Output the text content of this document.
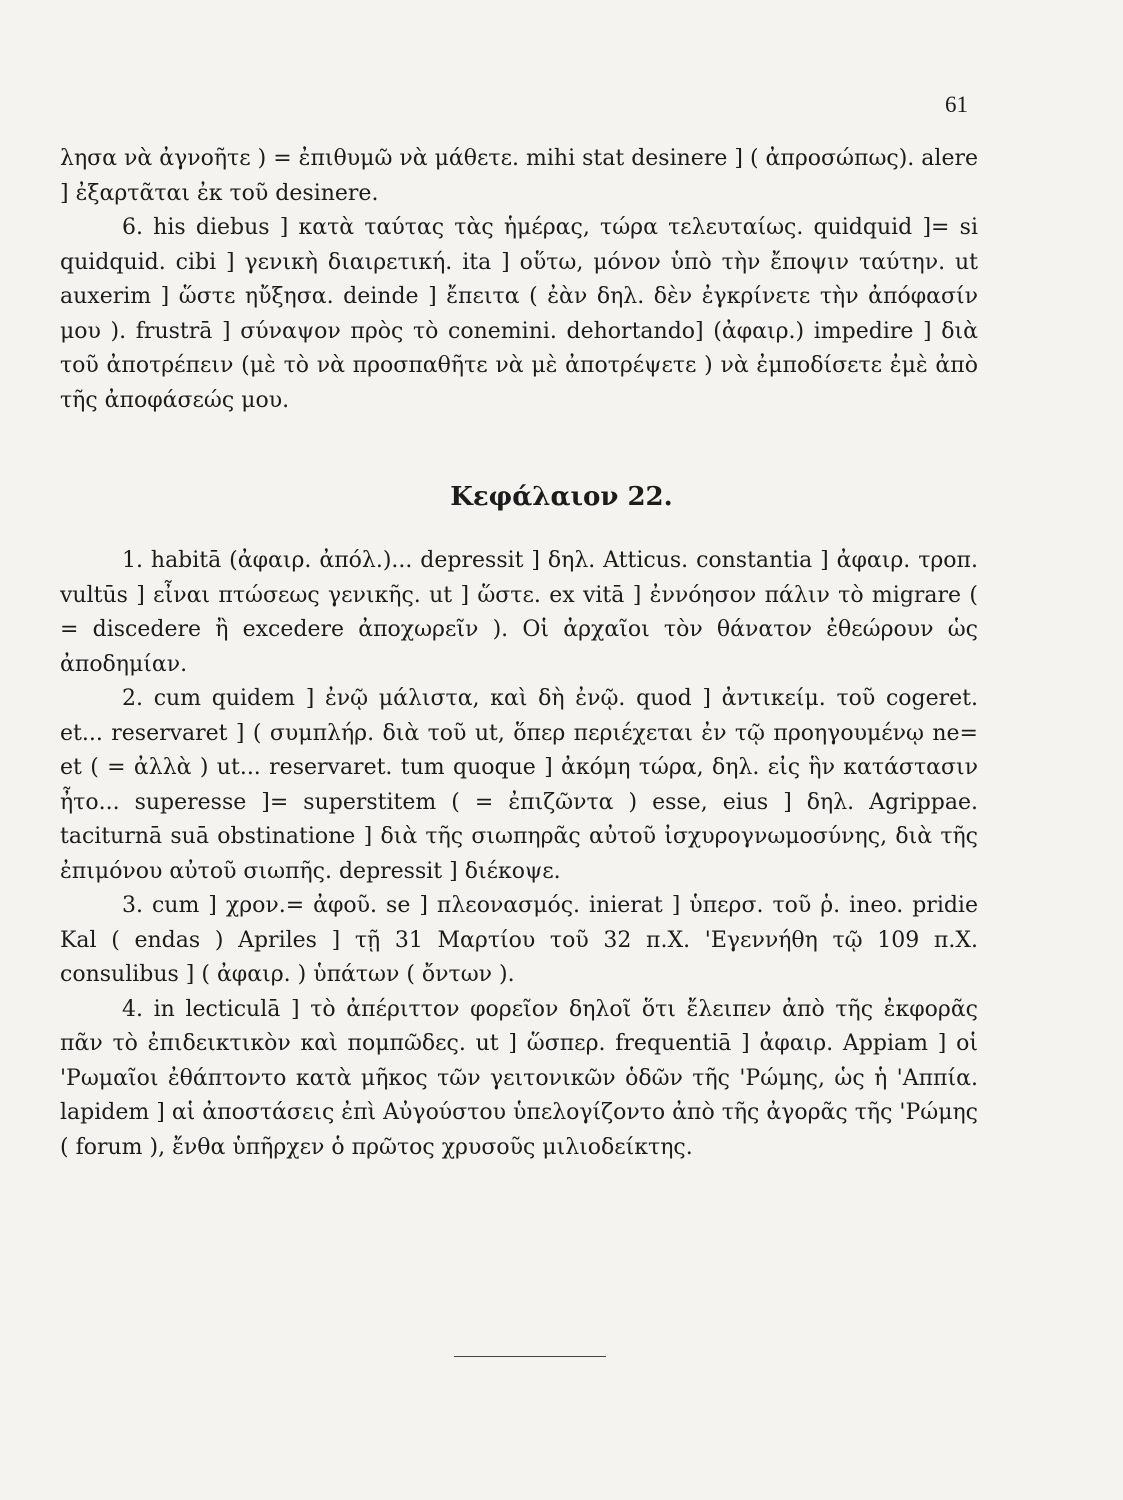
61

λησα νὰ ἀγνοῆτε ) = ἐπιθυμῶ νὰ μάθετε. mihi stat desinere ] ( ἀπροσώπως). alere ] ἐξαρτᾶται ἐκ τοῦ desinere.

6. his diebus ] κατὰ ταύτας τὰς ἡμέρας, τώρα τελευταίως. quidquid ]= si quidquid. cibi ] γενικὴ διαιρετική. ita ] οὕτω, μόνον ὑπὸ τὴν ἔποψιν ταύτην. ut auxerim ] ὥστε ηὔξησα. deinde ] ἔπειτα ( ἐὰν δηλ. δὲν ἐγκρίνετε τὴν ἀπόφασίν μου ). frustrā ] σύναψον πρὸς τὸ conemini. dehortando] (ἀφαιρ.) impedire ] διὰ τοῦ ἀποτρέπειν (μὲ τὸ νὰ προσπαθῆτε νὰ μὲ ἀποτρέψετε ) νὰ ἐμποδίσετε ἐμὲ ἀπὸ τῆς ἀποφάσεώς μου.

Κεφάλαιον 22.

1. habitā (ἀφαιρ. ἀπόλ.)... depressit ] δηλ. Atticus. constantia ] ἀφαιρ. τροπ. vultūs ] εἶναι πτώσεως γενικῆς. ut ] ὥστε. ex vitā ] ἐννόησον πάλιν τὸ migrare ( = discedere ἢ excedere ἀποχωρεῖν ). Οἱ ἀρχαῖοι τὸν θάνατον ἐθεώρουν ὡς ἀποδημίαν.

2. cum quidem ] ἐνῷ μάλιστα, καὶ δὴ ἐνῷ. quod ] ἀντικείμ. τοῦ cogeret. et... reservaret ] ( συμπλήρ. διὰ τοῦ ut, ὅπερ περιέχεται ἐν τῷ προηγουμένῳ ne= et ( = ἀλλὰ ) ut... reservaret. tum quoque ] ἀκόμη τώρα, δηλ. εἰς ἣν κατάστασιν ἦτο... superesse ]= superstitem ( = ἐπιζῶντα ) esse, eius ] δηλ. Agrippae. taciturnā suā obstinatione ] διὰ τῆς σιωπηρᾶς αὐτοῦ ἰσχυρογνωμοσύνης, διὰ τῆς ἐπιμόνου αὐτοῦ σιωπῆς. depressit ] διέκοψε.

3. cum ] χρον.= ἀφοῦ. se ] πλεονασμός. inierat ] ὑπερσ. τοῦ ῥ. ineo. pridie Kal ( endas ) Apriles ] τῇ 31 Μαρτίου τοῦ 32 π.Χ. 'Εγεννήθη τῷ 109 π.Χ. consulibus ] ( ἀφαιρ. ) ὑπάτων ( ὄντων ).

4. in lecticulā ] τὸ ἀπέριττον φορεῖον δηλοῖ ὅτι ἔλειπεν ἀπὸ τῆς ἐκφορᾶς πᾶν τὸ ἐπιδεικτικὸν καὶ πομπῶδες. ut ] ὥσπερ. frequentiā ] ἀφαιρ. Appiam ] οἱ 'Ρωμαῖοι ἐθάπτοντο κατὰ μῆκος τῶν γειτονικῶν ὁδῶν τῆς 'Ρώμης, ὡς ἡ 'Αππία. lapidem ] αἱ ἀποστάσεις ἐπὶ Αὐγούστου ὑπελογίζοντο ἀπὸ τῆς ἀγορᾶς τῆς 'Ρώμης ( forum ), ἔνθα ὑπῆρχεν ὁ πρῶτος χρυσοῦς μιλιοδείκτης.
